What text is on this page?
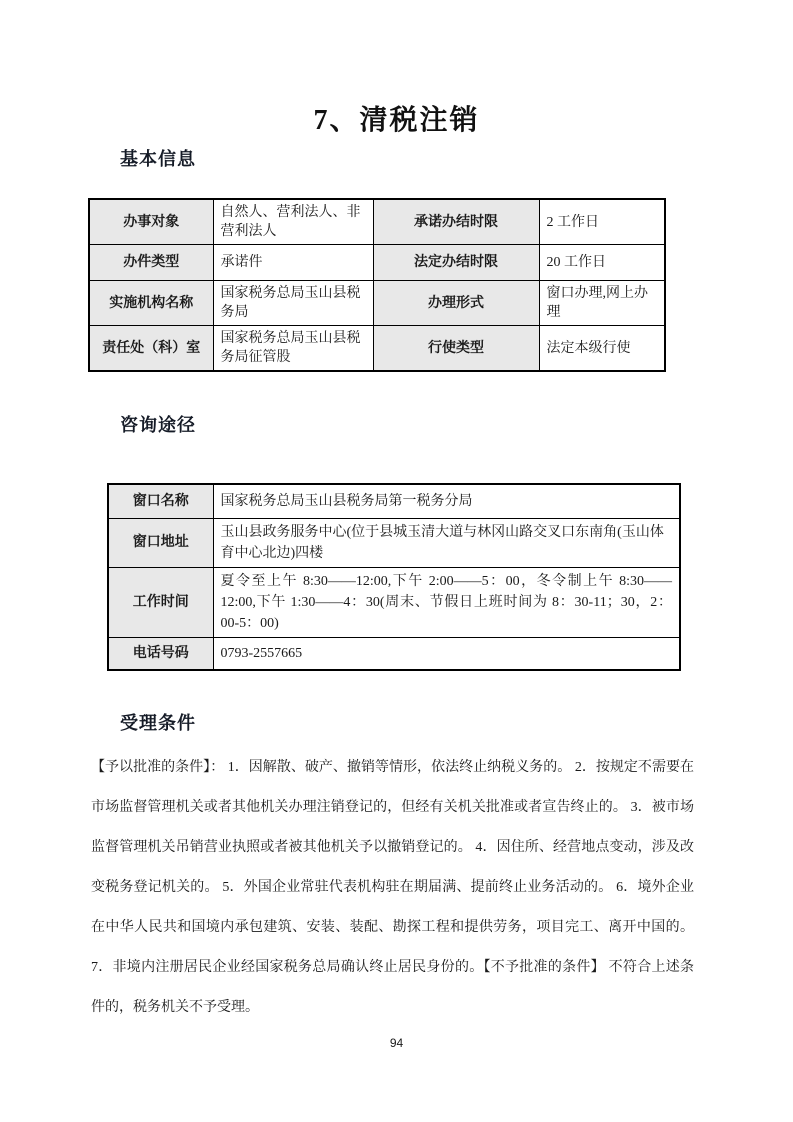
7、清税注销
基本信息
办事对象	自然人、营利法人、非营利法人	承诺办结时限	2 工作日
办件类型	承诺件	法定办结时限	20 工作日
实施机构名称	国家税务总局玉山县税务局	办理形式	窗口办理,网上办理
责任处（科）室	国家税务总局玉山县税务局征管股	行使类型	法定本级行使
咨询途径
窗口名称	国家税务总局玉山县税务局第一税务分局
窗口地址	玉山县政务服务中心(位于县城玉清大道与林冈山路交叉口东南角(玉山体育中心北边)四楼
工作时间	夏令至上午 8:30——12:00,下午 2:00——5：00，冬令制上午 8:30——12:00,下午 1:30——4：30(周末、节假日上班时间为 8：30-11；30，2：00-5：00)
电话号码	0793-2557665
受理条件
【予以批准的条件】： 1．因解散、破产、撤销等情形，依法终止纳税义务的。 2．按规定不需要在市场监督管理机关或者其他机关办理注销登记的，但经有关机关批准或者宣告终止的。 3．被市场监督管理机关吊销营业执照或者被其他机关予以撤销登记的。 4．因住所、经营地点变动，涉及改变税务登记机关的。 5．外国企业常驻代表机构驻在期届满、提前终止业务活动的。 6．境外企业在中华人民共和国境内承包建筑、安装、装配、勘探工程和提供劳务，项目完工、离开中国的。 7．非境内注册居民企业经国家税务总局确认终止居民身份的。【不予批准的条件】 不符合上述条件的，税务机关不予受理。
94
